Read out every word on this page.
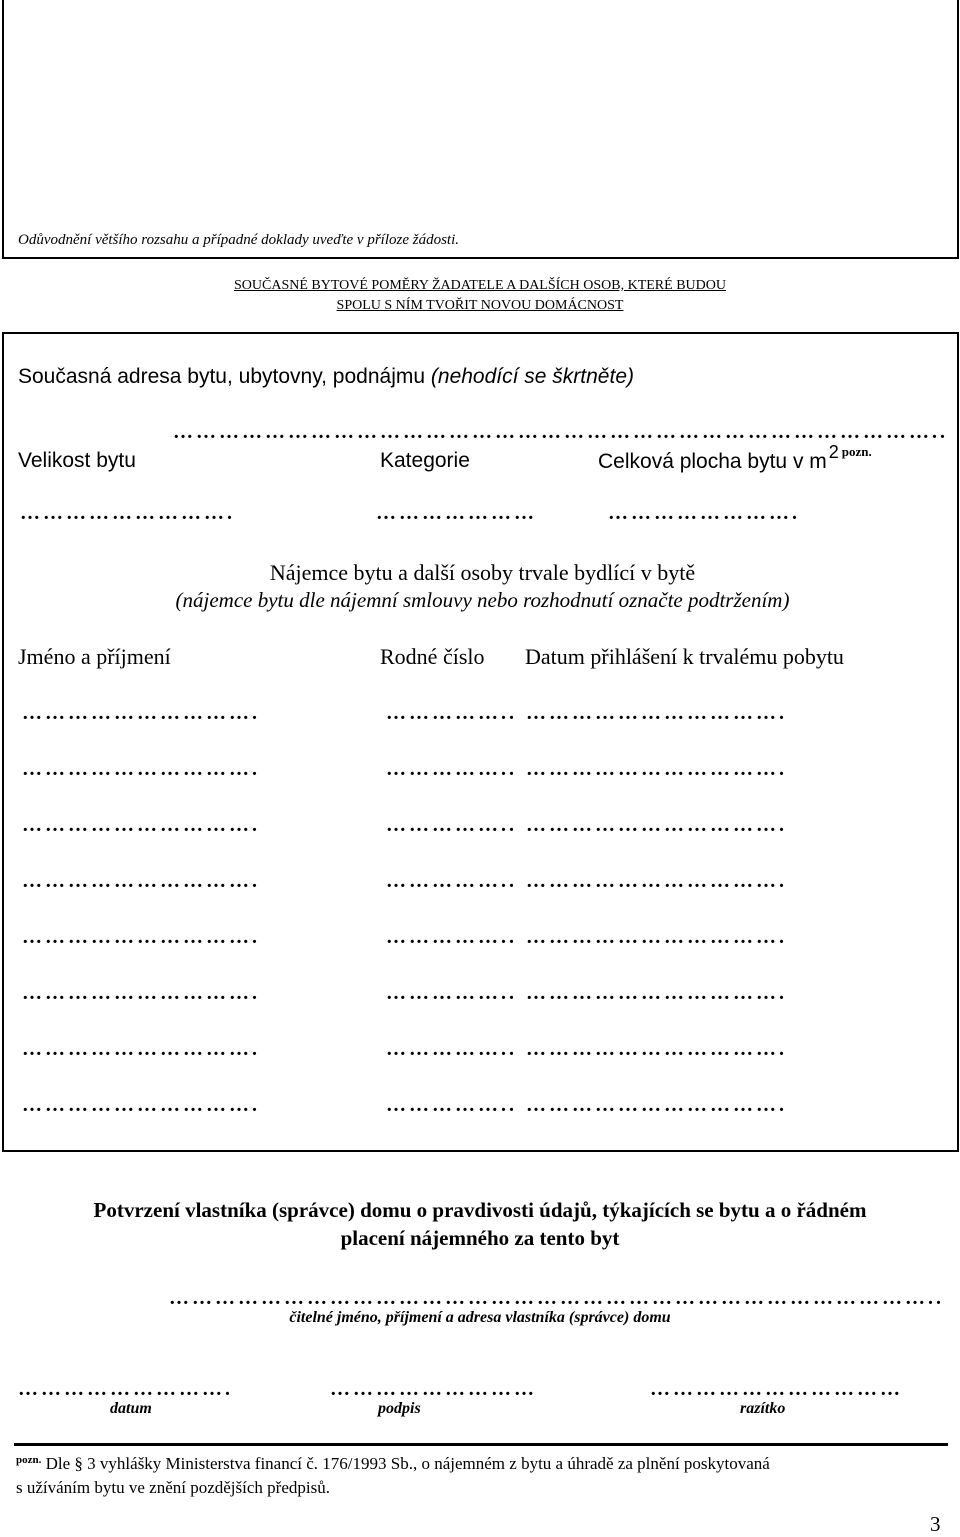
Odůvodnění většího rozsahu a případné doklady uveďte v příloze žádosti.
SOUČASNÉ BYTOVÉ POMĚRY ŽADATELE A DALŠÍCH OSOB, KTERÉ BUDOU
SPOLU S NÍM TVOŘIT NOVOU DOMÁCNOST
Současná adresa bytu, ubytovny, podnájmu (nehodící se škrtněte)
………………………………………………………………………………………..
Velikost bytu	Kategorie	Celková plocha bytu v m 2 $^{pozn.}$
……………………….	…………………	…………………….
Nájemce bytu a další osoby trvale bydlící v bytě
(nájemce bytu dle nájemní smlouvy nebo rozhodnutí označte podtržením)
Jméno a příjmení	Rodné číslo Datum přihlášení k trvalému pobytu
………………………….	…………….. …………………………….
………………………….	…………….. …………………………….
………………………….	…………….. …………………………….
………………………….	…………….. …………………………….
………………………….	…………….. …………………………….
………………………….	…………….. …………………………….
………………………….	…………….. …………………………….
………………………….	…………….. …………………………….
Potvrzení vlastníka (správce) domu o pravdivosti údajů, týkajících se bytu a o řádném
placení nájemného za tento byt
………………………………………………………………………………………..
čitelné jméno, příjmení a adresa vlastníka (správce) domu
……………………….	………………………	……………………………
datum	podpis	razítko
$^{pozn.}$ Dle § 3 vyhlášky Ministerstva financí č. 176/1993 Sb., o nájemném z bytu a úhradě za plnění poskytovaná
s užíváním bytu ve znění pozdějších předpisů.
3
